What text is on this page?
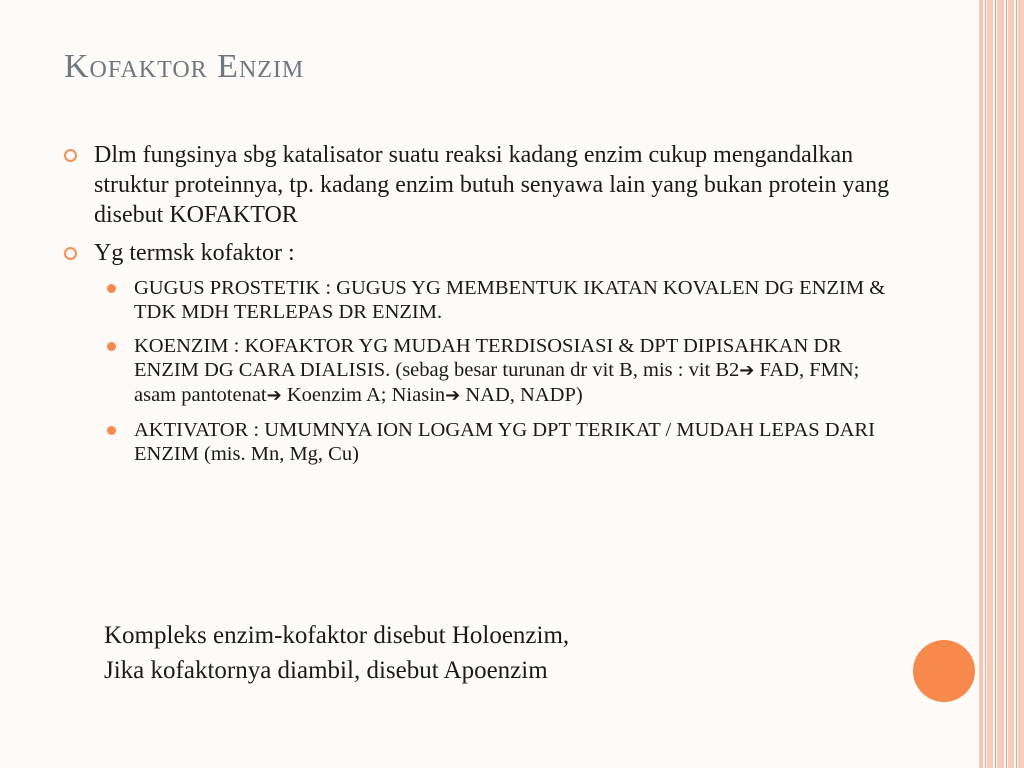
Kofaktor Enzim
Dlm fungsinya sbg katalisator suatu reaksi kadang enzim cukup mengandalkan struktur proteinnya, tp. kadang enzim butuh senyawa lain yang bukan protein yang disebut KOFAKTOR
Yg termsk kofaktor :
GUGUS PROSTETIK : GUGUS YG MEMBENTUK IKATAN KOVALEN DG ENZIM & TDK MDH TERLEPAS DR ENZIM.
KOENZIM : KOFAKTOR YG MUDAH TERDISOSIASI & DPT DIPISAHKAN DR ENZIM DG CARA DIALISIS. (sebag besar turunan dr vit B, mis : vit B2➔ FAD, FMN; asam pantotenat➔ Koenzim A; Niasin➔ NAD, NADP)
AKTIVATOR : UMUMNYA ION LOGAM YG DPT TERIKAT / MUDAH LEPAS DARI ENZIM (mis. Mn, Mg, Cu)
Kompleks enzim-kofaktor disebut Holoenzim,
Jika kofaktornya diambil, disebut Apoenzim
